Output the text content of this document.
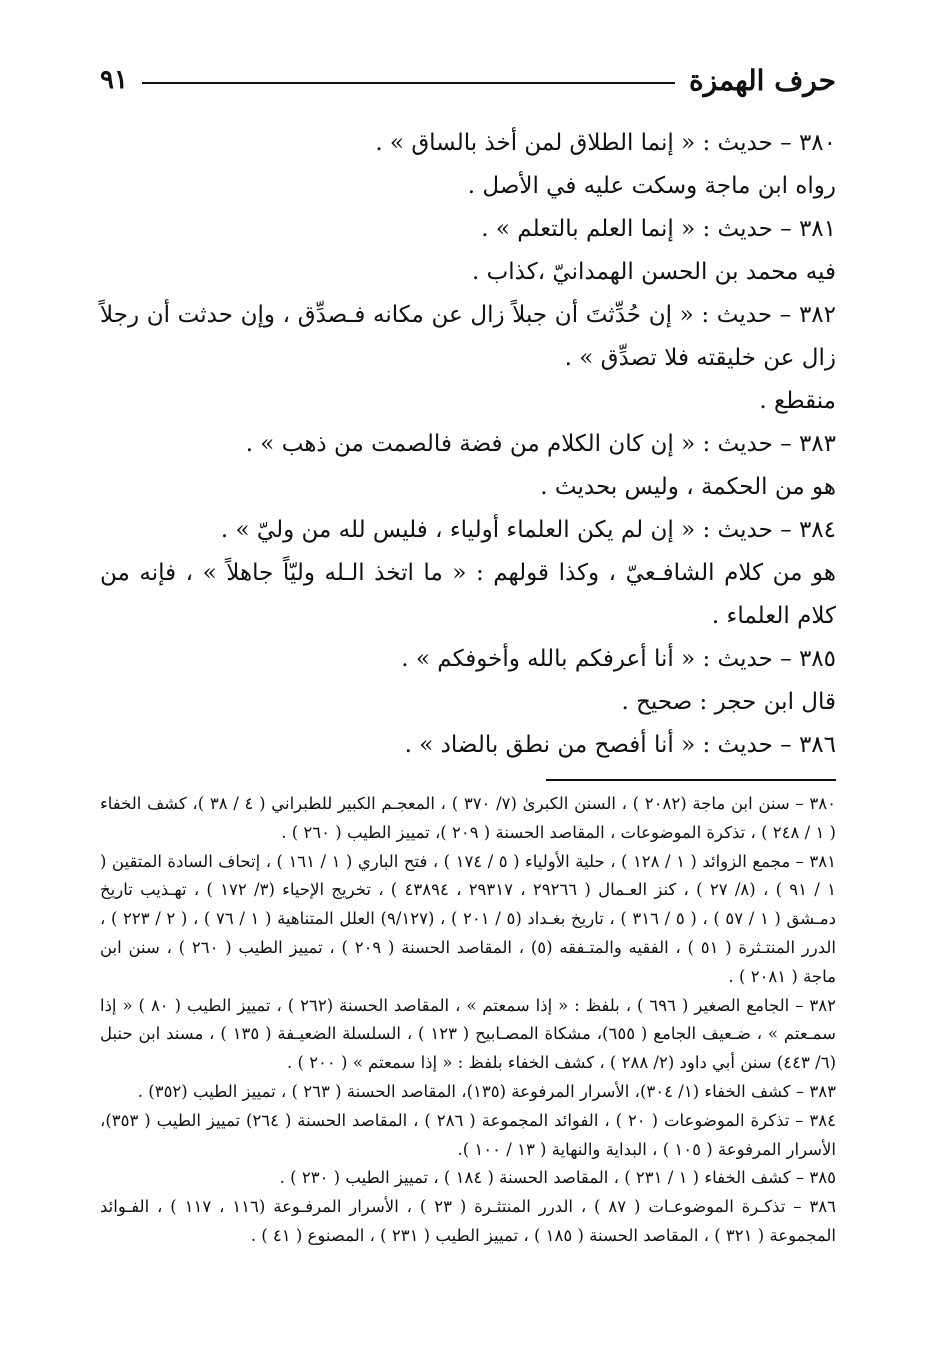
حرف الهمزة
٩١

٣٨٠ – حديث : « إنما الطلاق لمن أخذ بالساق » .

رواه ابن ماجة وسكت عليه في الأصل .

٣٨١ – حديث : « إنما العلم بالتعلم » .

فيه محمد بن الحسن الهمدانيّ ،كذاب .

٣٨٢ – حديث : « إن حُدِّثتَ أن جبلاً زال عن مكانه فـصدِّق ، وإن حدثت أن رجلاً زال عن خليقته فلا تصدِّق » .

منقطع .

٣٨٣ – حديث : « إن كان الكلام من فضة فالصمت من ذهب » .

هو من الحكمة ، وليس بحديث .

٣٨٤ – حديث : « إن لم يكن العلماء أولياء ، فليس لله من وليّ » .

هو من كلام الشافـعيّ ، وكذا قولهم : « ما اتخذ الـله وليّاً جاهلاً » ، فإنه من كلام العلماء .

٣٨٥ – حديث : « أنا أعرفكم بالله وأخوفكم » .

قال ابن حجر : صحيح .

٣٨٦ – حديث : « أنا أفصح من نطق بالضاد » .

٣٨٠ – سنن ابن ماجة (٢٠٨٢ ) ، السنن الكبرىٰ (٧/ ٣٧٠ ) ، المعجـم الكبير للطبراني ( ٤ / ٣٨ )، كشف الخفاء ( ١ / ٢٤٨ ) ، تذكرة الموضوعات ، المقاصد الحسنة ( ٢٠٩ )، تمييز الطيب ( ٢٦٠ ) .

٣٨١ – مجمع الزوائد ( ١ / ١٢٨ ) ، حلية الأولياء ( ٥ / ١٧٤ ) ، فتح الباري ( ١ / ١٦١ ) ، إتحاف السادة المتقين ( ١ / ٩١ ) ، (٨/ ٢٧ ) ، كنز العـمال ( ٢٩٢٦٦ ، ٢٩٣١٧ ، ٤٣٨٩٤ ) ، تخريج الإحياء (٣/ ١٧٢ ) ، تهـذيب تاريخ دمـشق ( ١ / ٥٧ ) ، ( ٥ / ٣١٦ ) ، تاريخ بغـداد (٥ / ٢٠١ ) ، (٩/١٢٧) العلل المتناهية ( ١ / ٧٦ ) ، ( ٢ / ٢٢٣ ) ، الدرر المنتـثرة ( ٥١ ) ، الفقيه والمتـفقه (٥) ، المقاصد الحسنة ( ٢٠٩ ) ، تمييز الطيب ( ٢٦٠ ) ، سنن ابن ماجة ( ٢٠٨١ ) .

٣٨٢ – الجامع الصغير ( ٦٩٦ ) ، بلفظ : « إذا سمعتم » ، المقاصد الحسنة (٢٦٢ ) ، تمييز الطيب ( ٨٠ ) « إذا سمـعتم » ، ضـعيف الجامع ( ٦٥٥)، مشكاة المصـابيح ( ١٢٣ ) ، السلسلة الضعيـفة ( ١٣٥ ) ، مسند ابن حنبل (٦/ ٤٤٣) سنن أبي داود (٢/ ٢٨٨ ) ، كشف الخفاء بلفظ : « إذا سمعتم » ( ٢٠٠ ) .

٣٨٣ – كشف الخفاء (١/ ٣٠٤)، الأسرار المرفوعة (١٣٥)، المقاصد الحسنة ( ٢٦٣ ) ، تمييز الطيب (٣٥٢) .

٣٨٤ – تذكرة الموضوعات ( ٢٠ ) ، الفوائد المجموعة ( ٢٨٦ ) ، المقاصد الحسنة ( ٢٦٤) تمييز الطيب ( ٣٥٣)، الأسرار المرفوعة ( ١٠٥ ) ، البداية والنهاية ( ١٣ / ١٠٠ ).

٣٨٥ – كشف الخفاء ( ١ / ٢٣١ ) ، المقاصد الحسنة ( ١٨٤ ) ، تمييز الطيب ( ٢٣٠ ) .

٣٨٦ – تذكـرة الموضوعـات ( ٨٧ ) ، الدرر المنتثـرة ( ٢٣ ) ، الأسرار المرفـوعة (١١٦ ، ١١٧ ) ، الفـوائد المجموعة ( ٣٢١ ) ، المقاصد الحسنة ( ١٨٥ ) ، تمييز الطيب ( ٢٣١ ) ، المصنوع ( ٤١ ) .
